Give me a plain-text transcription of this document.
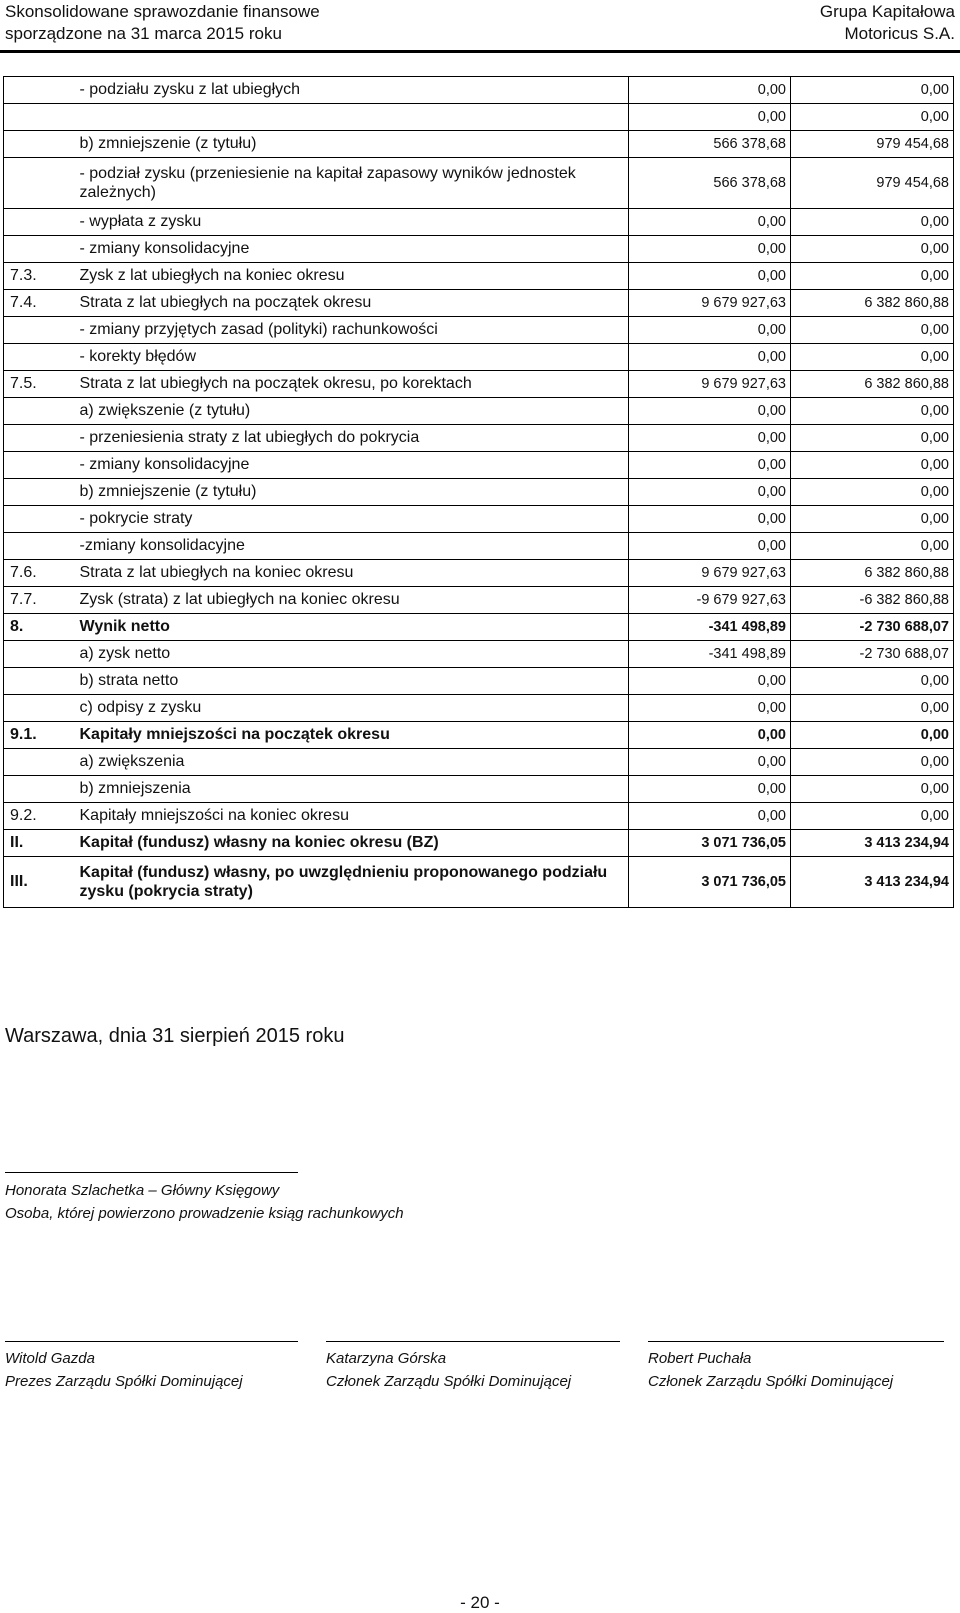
Skonsolidowane sprawozdanie finansowe
sporządzone na 31 marca 2015 roku
Grupa Kapitałowa
Motoricus S.A.
	- podziału zysku z lat ubiegłych	0,00	0,00
		0,00	0,00
	b) zmniejszenie (z tytułu)	566 378,68	979 454,68
	- podział zysku (przeniesienie na kapitał zapasowy wyników jednostek zależnych)	566 378,68	979 454,68
	- wypłata z zysku	0,00	0,00
	- zmiany konsolidacyjne	0,00	0,00
7.3.	Zysk z lat ubiegłych na koniec okresu	0,00	0,00
7.4.	Strata z lat ubiegłych na początek okresu	9 679 927,63	6 382 860,88
	- zmiany przyjętych zasad (polityki) rachunkowości	0,00	0,00
	- korekty błędów	0,00	0,00
7.5.	Strata z lat ubiegłych na początek okresu, po korektach	9 679 927,63	6 382 860,88
	a) zwiększenie (z tytułu)	0,00	0,00
	- przeniesienia straty z lat ubiegłych do pokrycia	0,00	0,00
	- zmiany konsolidacyjne	0,00	0,00
	b) zmniejszenie (z tytułu)	0,00	0,00
	- pokrycie straty	0,00	0,00
	-zmiany konsolidacyjne	0,00	0,00
7.6.	Strata z lat ubiegłych na koniec okresu	9 679 927,63	6 382 860,88
7.7.	Zysk (strata) z lat ubiegłych na koniec okresu	-9 679 927,63	-6 382 860,88
8.	Wynik netto	-341 498,89	-2 730 688,07
	a) zysk netto	-341 498,89	-2 730 688,07
	b) strata netto	0,00	0,00
	c) odpisy z zysku	0,00	0,00
9.1.	Kapitały mniejszości na początek okresu	0,00	0,00
	a) zwiększenia	0,00	0,00
	b) zmniejszenia	0,00	0,00
9.2.	Kapitały mniejszości na koniec okresu	0,00	0,00
II.	Kapitał (fundusz) własny na koniec okresu (BZ)	3 071 736,05	3 413 234,94
III.	Kapitał (fundusz) własny, po uwzględnieniu proponowanego podziału zysku (pokrycia straty)	3 071 736,05	3 413 234,94
Warszawa, dnia 31 sierpień 2015 roku
Honorata Szlachetka – Główny Księgowy
Osoba, której powierzono prowadzenie ksiąg rachunkowych
Witold Gazda
Prezes Zarządu Spółki Dominującej
Katarzyna Górska
Członek Zarządu Spółki Dominującej
Robert Puchała
Członek Zarządu Spółki Dominującej
- 20 -
